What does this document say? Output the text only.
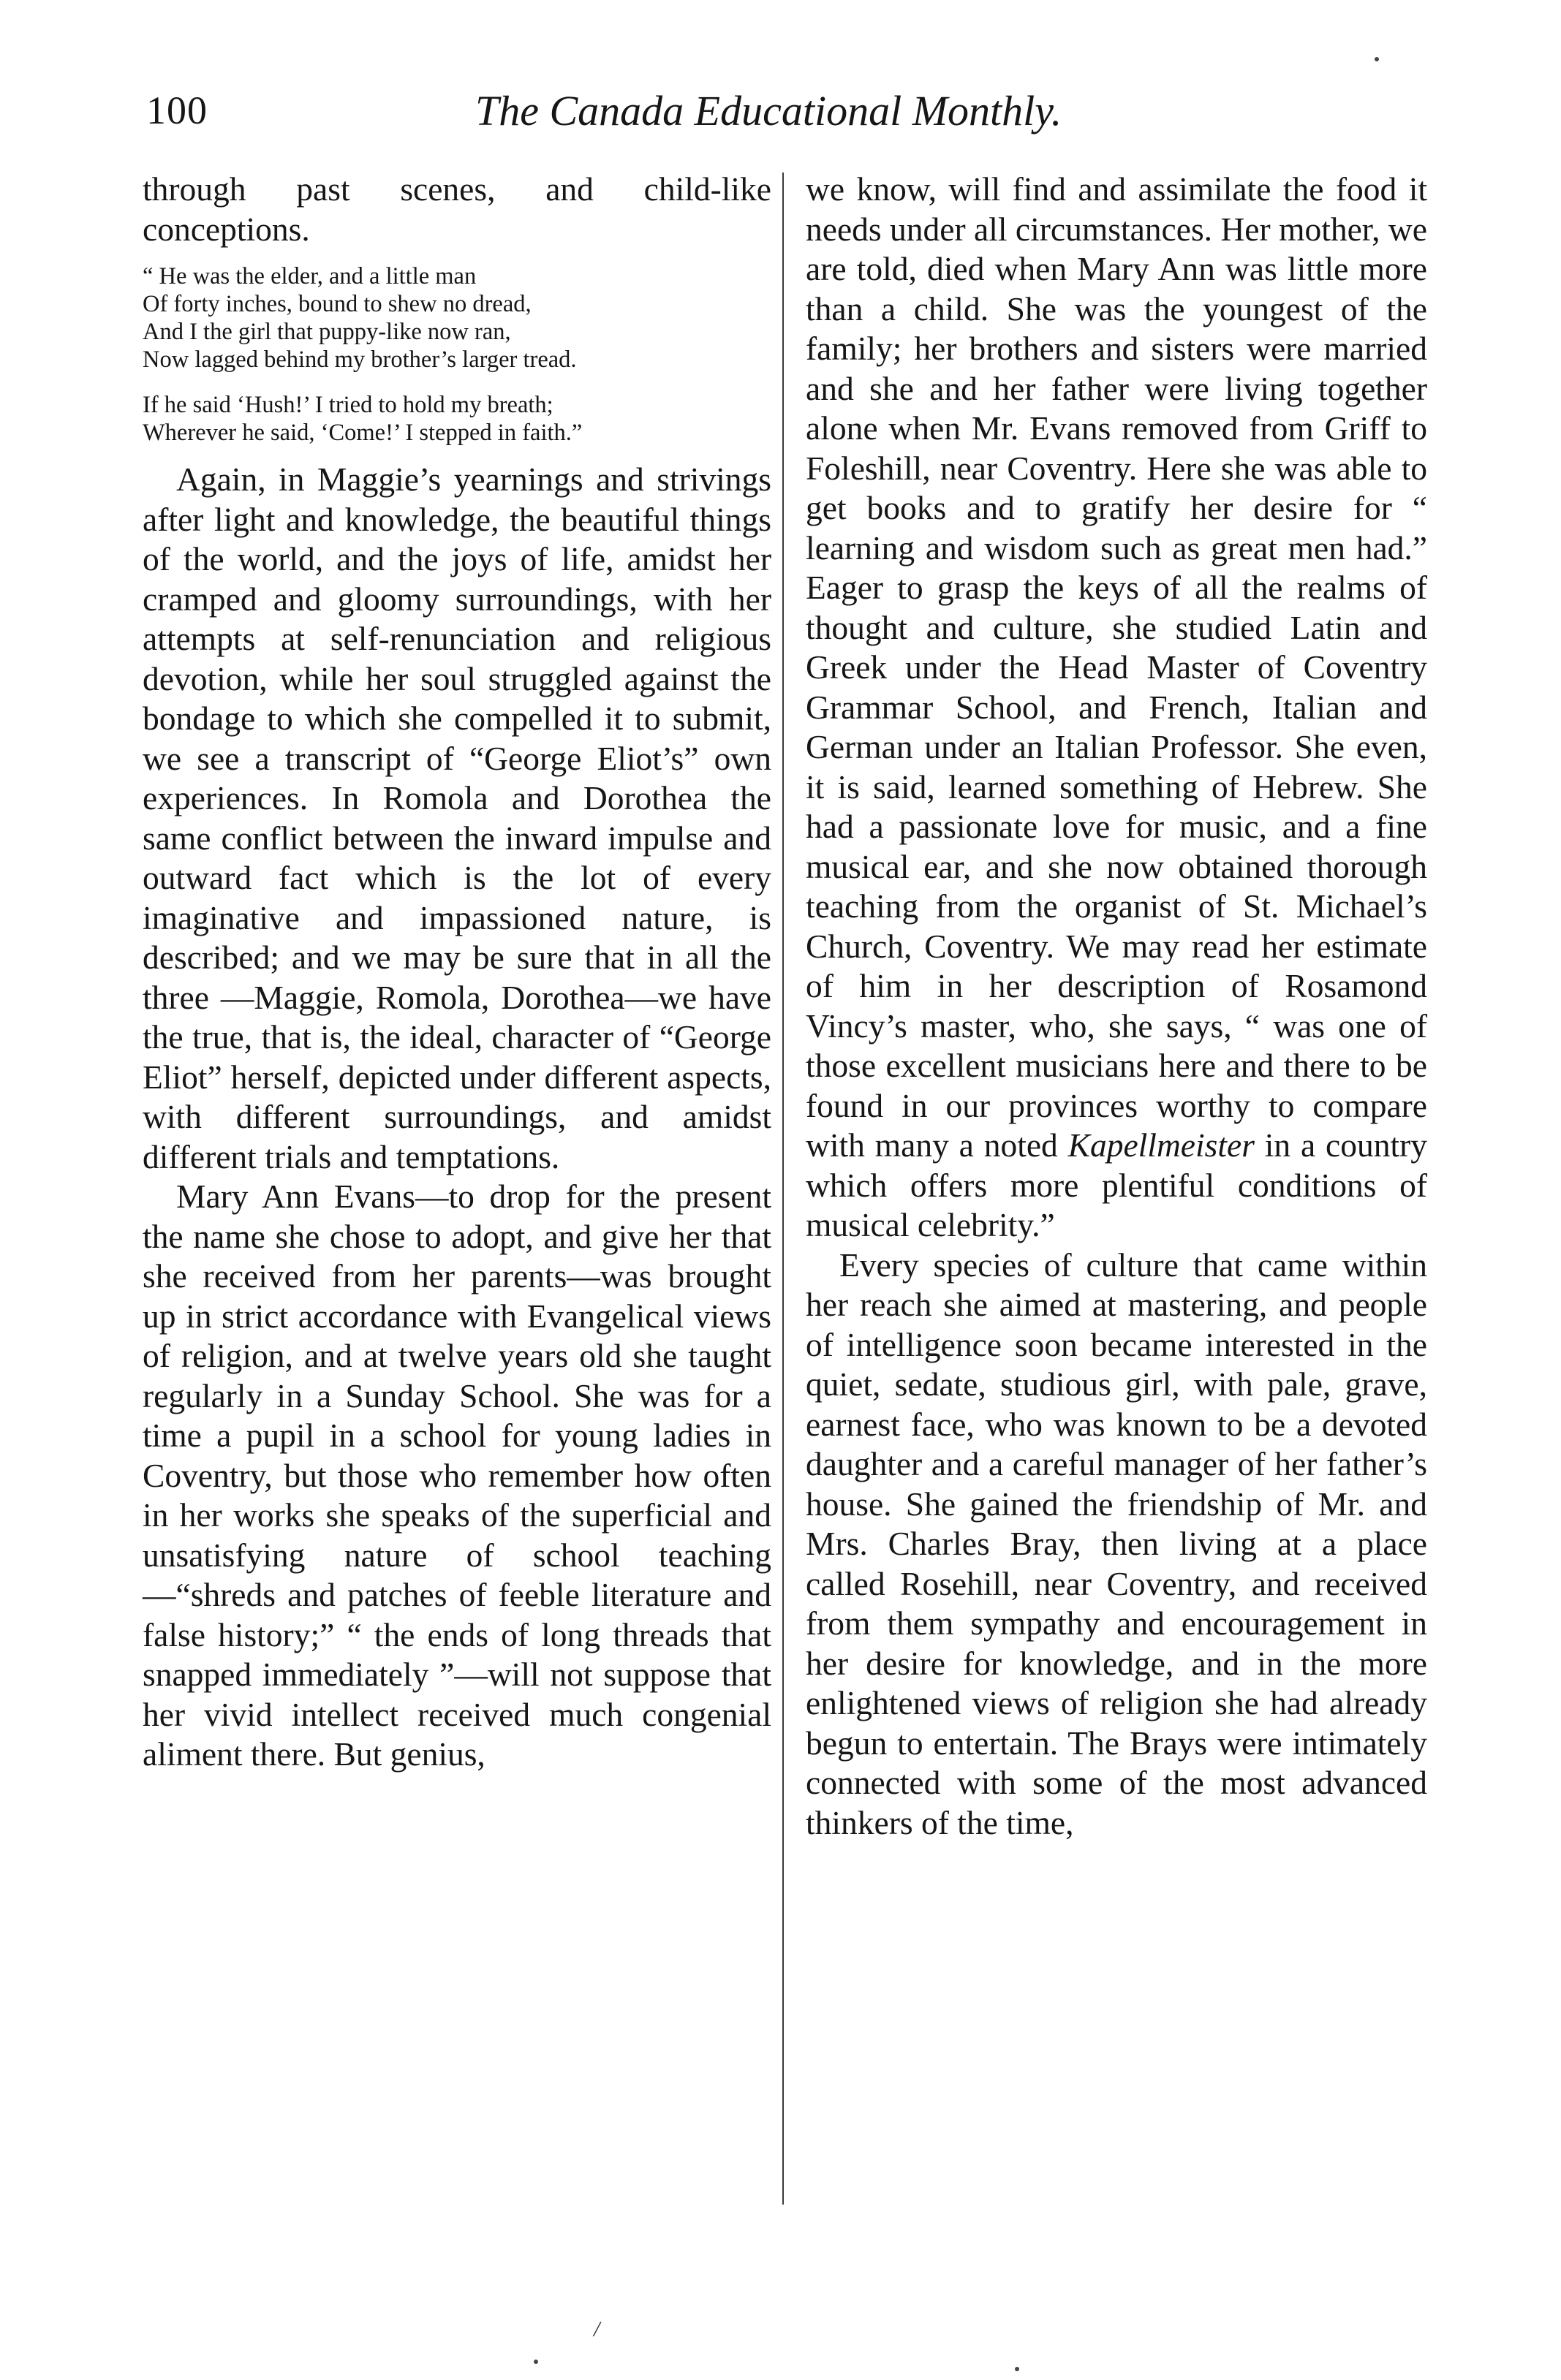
100	The Canada Educational Monthly.

through past scenes, and child-like conceptions.

“ He was the elder, and a little man
Of forty inches, bound to shew no dread,
And I the girl that puppy-like now ran,
Now lagged behind my brother’s larger tread.
If he said ‘Hush!’ I tried to hold my breath;
Wherever he said, ‘Come!’ I stepped in faith.”

Again, in Maggie’s yearnings and strivings after light and knowledge, the beautiful things of the world, and the joys of life, amidst her cramped and gloomy surroundings, with her attempts at self-renunciation and religious devotion, while her soul struggled against the bondage to which she compelled it to submit, we see a transcript of “George Eliot’s” own experiences. In Romola and Dorothea the same conflict between the inward impulse and outward fact which is the lot of every imaginative and impassioned nature, is described; and we may be sure that in all the three —Maggie, Romola, Dorothea—we have the true, that is, the ideal, character of “George Eliot” herself, depicted under different aspects, with different surroundings, and amidst different trials and temptations.

Mary Ann Evans—to drop for the present the name she chose to adopt, and give her that she received from her parents—was brought up in strict accordance with Evangelical views of religion, and at twelve years old she taught regularly in a Sunday School. She was for a time a pupil in a school for young ladies in Coventry, but those who remember how often in her works she speaks of the superficial and unsatisfying nature of school teaching—“shreds and patches of feeble literature and false history;” “ the ends of long threads that snapped immediately ”—will not suppose that her vivid intellect received much congenial aliment there. But genius,

we know, will find and assimilate the food it needs under all circumstances. Her mother, we are told, died when Mary Ann was little more than a child. She was the youngest of the family; her brothers and sisters were married and she and her father were living together alone when Mr. Evans removed from Griff to Foleshill, near Coventry. Here she was able to get books and to gratify her desire for “ learning and wisdom such as great men had.” Eager to grasp the keys of all the realms of thought and culture, she studied Latin and Greek under the Head Master of Coventry Grammar School, and French, Italian and German under an Italian Professor. She even, it is said, learned something of Hebrew. She had a passionate love for music, and a fine musical ear, and she now obtained thorough teaching from the organist of St. Michael’s Church, Coventry. We may read her estimate of him in her description of Rosamond Vincy’s master, who, she says, “ was one of those excellent musicians here and there to be found in our provinces worthy to compare with many a noted Kapellmeister in a country which offers more plentiful conditions of musical celebrity.”

Every species of culture that came within her reach she aimed at mastering, and people of intelligence soon became interested in the quiet, sedate, studious girl, with pale, grave, earnest face, who was known to be a devoted daughter and a careful manager of her father’s house. She gained the friendship of Mr. and Mrs. Charles Bray, then living at a place called Rosehill, near Coventry, and received from them sympathy and encouragement in her desire for knowledge, and in the more enlightened views of religion she had already begun to entertain. The Brays were intimately connected with some of the most advanced thinkers of the time,

/
